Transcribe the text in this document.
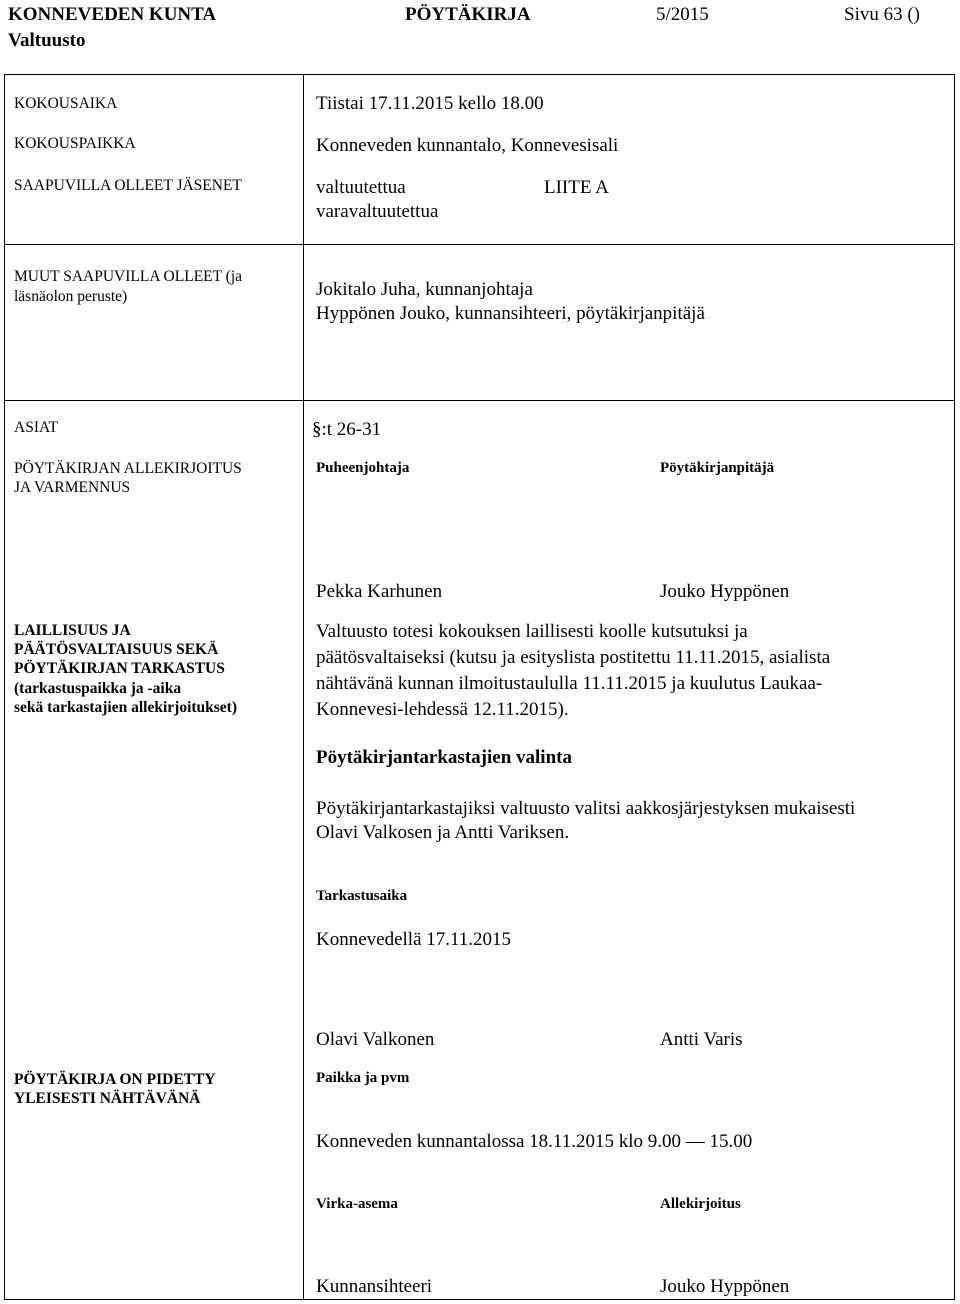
KONNEVEDEN KUNTA	PÖYTÄKIRJA	5/2015	Sivu 63 ()
Valtuusto
KOKOUSAIKA	Tiistai 17.11.2015 kello 18.00
KOKOUSPAIKKA	Konneveden kunnantalo, Konnevesisali
SAAPUVILLA OLLEET JÄSENET	valtuutettua	LIITE A
varavaltuutettua
MUUT SAAPUVILLA OLLEET (ja
läsnäolon peruste)	Jokitalo Juha, kunnanjohtaja
Hyppönen Jouko, kunnansihteeri, pöytäkirjanpitäjä
ASIAT	§:t 26-31
PÖYTÄKIRJAN ALLEKIRJOITUS
JA VARMENNUS
Puheenjohtaja	Pöytäkirjanpitäjä
Pekka Karhunen	Jouko Hyppönen
LAILLISUUS JA
PÄÄTÖSVALTAISUUS SEKÄ
PÖYTÄKIRJAN TARKASTUS
(tarkastuspaikka ja -aika
sekä tarkastajien allekirjoitukset)
Valtuusto totesi kokouksen laillisesti koolle kutsutuksi ja
päätösvaltaiseksi (kutsu ja esityslista postitettu 11.11.2015, asialista
nähtävänä kunnan ilmoitustaululla 11.11.2015 ja kuulutus Laukaa-
Konnevesi-lehdessä 12.11.2015).
Pöytäkirjantarkastajien valinta
Pöytäkirjantarkastajiksi valtuusto valitsi aakkosjärjestyksen mukaisesti
Olavi Valkosen ja Antti Variksen.
Tarkastusaika
Konnevedellä 17.11.2015
Olavi Valkonen	Antti Varis
PÖYTÄKIRJA ON PIDETTY
YLEISESTI NÄHTÄVÄNÄ
Paikka ja pvm
Konneveden kunnantalossa 18.11.2015 klo 9.00 — 15.00
Virka-asema	Allekirjoitus
Kunnansihteeri	Jouko Hyppönen
